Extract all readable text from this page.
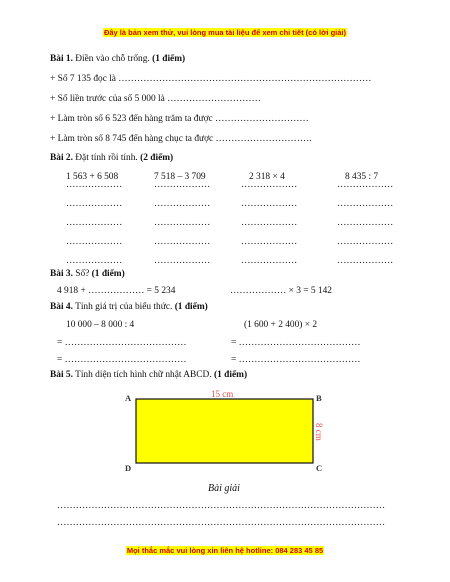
Đây là bản xem thử, vui lòng mua tài liệu để xem chi tiết (có lời giải)
Bài 1. Điền vào chỗ trống. (1 điểm)
+ Số 7 135 đọc là ………………………………………………………………………
+ Số liền trước của số 5 000 là …………………………
+ Làm tròn số 6 523 đến hàng trăm ta được …………………………
+ Làm tròn số 8 745 đến hàng chục ta được ………………………….
Bài 2. Đặt tính rồi tính. (2 điểm)
1 563 + 6 508	7 518 – 3 709	2 318 × 4	8 435 : 7
………………	………………	………………	………………
………………	………………	………………	………………
………………	………………	………………	………………
………………	………………	………………	………………
………………	………………	………………	………………
Bài 3. Số? (1 điểm)
4 918 + ……………… = 5 234	……………… × 3 = 5 142
Bài 4. Tính giá trị của biểu thức. (1 điểm)
10 000 – 8 000 : 4	(1 600 + 2 400) × 2
= …………………………………	= …………………………………
= …………………………………	= …………………………………
Bài 5. Tính diện tích hình chữ nhật ABCD. (1 điểm)
A	B
C
D
15 cm
8 cm
Bài giải
……………………………………………………………………………………………
……………………………………………………………………………………………
Mọi thắc mắc vui lòng xin liên hệ hotline: 084 283 45 85
